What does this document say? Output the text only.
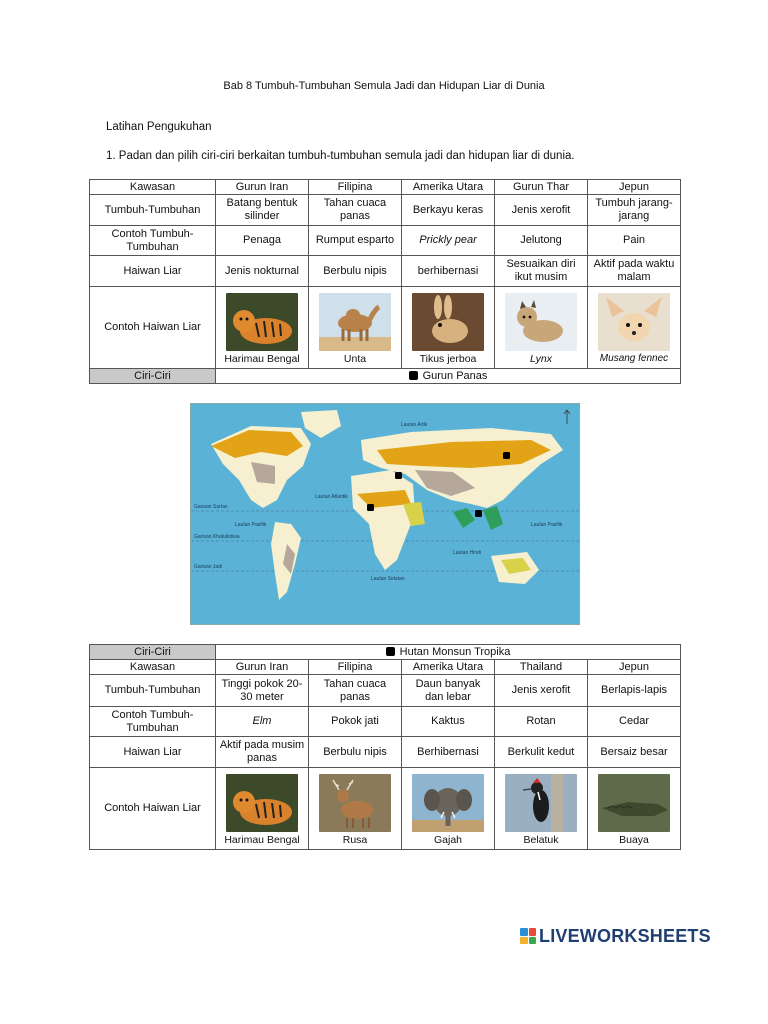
Bab 8 Tumbuh-Tumbuhan Semula Jadi dan Hidupan Liar di Dunia
Latihan Pengukuhan
1. Padan dan pilih ciri-ciri berkaitan tumbuh-tumbuhan semula jadi dan hidupan liar di dunia.
Kawasan	Gurun Iran	Filipina	Amerika Utara	Gurun Thar	Jepun
Tumbuh-Tumbuhan	Batang bentuk silinder	Tahan cuaca panas	Berkayu keras	Jenis xerofit	Tumbuh jarang-jarang
Contoh Tumbuh-Tumbuhan	Penaga	Rumput esparto	Prickly pear	Jelutong	Pain
Haiwan Liar	Jenis nokturnal	Berbulu nipis	berhibernasi	Sesuaikan diri ikut musim	Aktif pada waktu malam
Contoh Haiwan Liar	Harimau Bengal	Unta	Tikus jerboa	Lynx	Musang fennec

Ciri-Ciri	Gurun Panas				
Lautan Artik
Lautan Atlantik
Lautan Pasifik	Lautan Pasifik
Lautan Hindi
Lautan Selatan
Garisan Sartan
Garisan Khatulistiwa
Garisan Jadi
Ciri-Ciri	Hutan Monsun Tropika				
Kawasan	Gurun Iran	Filipina	Amerika Utara	Thailand	Jepun
Tumbuh-Tumbuhan	Tinggi pokok 20-30 meter	Tahan cuaca panas	Daun banyak dan lebar	Jenis xerofit	Berlapis-lapis
Contoh Tumbuh-Tumbuhan	Elm	Pokok jati	Kaktus	Rotan	Cedar
Haiwan Liar	Aktif pada musim panas	Berbulu nipis	Berhibernasi	Berkulit kedut	Bersaiz besar
Contoh Haiwan Liar	Harimau Bengal	Rusa	Gajah	Belatuk	Buaya
LIVEWORKSHEETS
